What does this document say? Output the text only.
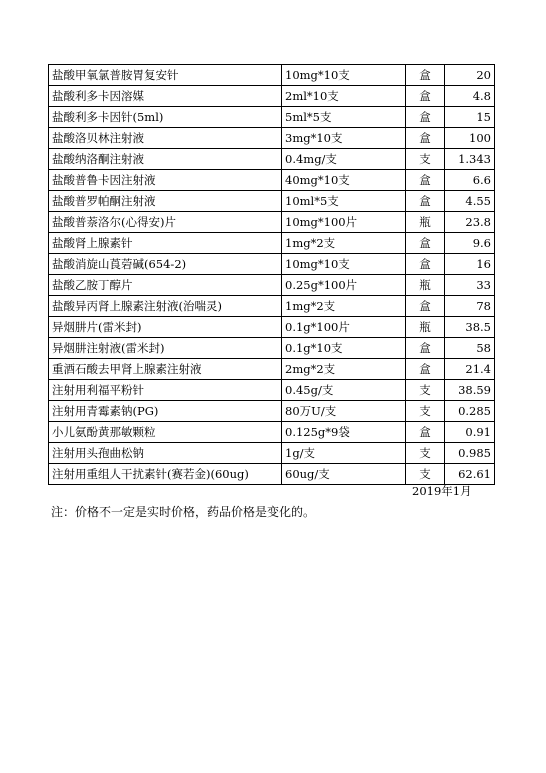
盐酸甲氧氯普胺胃复安针	10mg*10支	盒	20
盐酸利多卡因溶媒	2ml*10支	盒	4.8
盐酸利多卡因针(5ml)	5ml*5支	盒	15
盐酸洛贝林注射液	3mg*10支	盒	100
盐酸纳洛酮注射液	0.4mg/支	支	1.343
盐酸普鲁卡因注射液	40mg*10支	盒	6.6
盐酸普罗帕酮注射液	10ml*5支	盒	4.55
盐酸普萘洛尔(心得安)片	10mg*100片	瓶	23.8
盐酸肾上腺素针	1mg*2支	盒	9.6
盐酸消旋山莨菪碱(654-2)	10mg*10支	盒	16
盐酸乙胺丁醇片	0.25g*100片	瓶	33
盐酸异丙肾上腺素注射液(治喘灵)	1mg*2支	盒	78
异烟肼片(雷米封)	0.1g*100片	瓶	38.5
异烟肼注射液(雷米封)	0.1g*10支	盒	58
重酒石酸去甲肾上腺素注射液	2mg*2支	盒	21.4
注射用利福平粉针	0.45g/支	支	38.59
注射用青霉素钠(PG)	80万U/支	支	0.285
小儿氨酚黄那敏颗粒	0.125g*9袋	盒	0.91
注射用头孢曲松钠	1g/支	支	0.985
注射用重组人干扰素针(赛若金)(60ug)	60ug/支	支	62.61
2019年1月
注：价格不一定是实时价格，药品价格是变化的。
